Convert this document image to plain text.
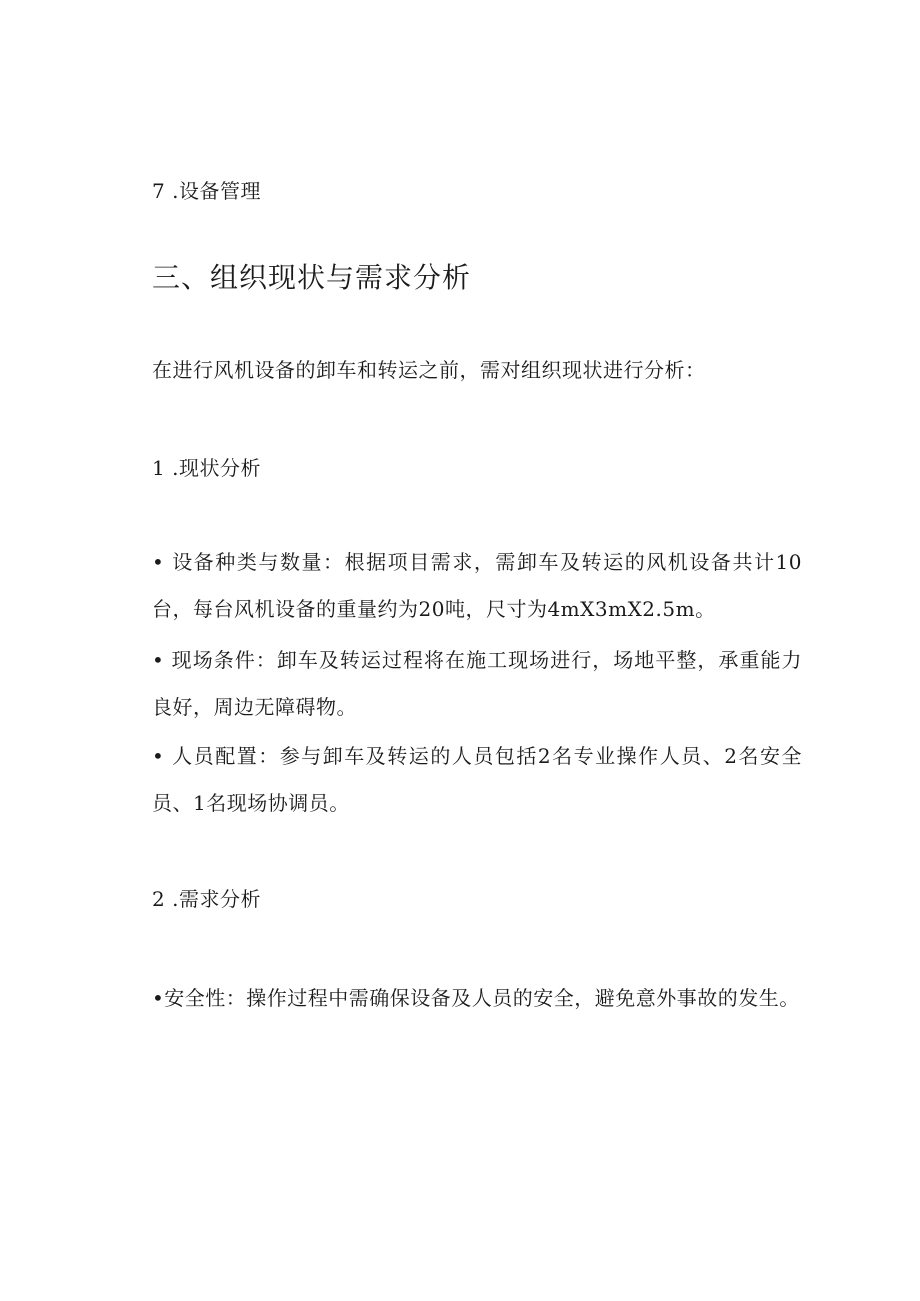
7 .设备管理

三、组织现状与需求分析

在进行风机设备的卸车和转运之前，需对组织现状进行分析：

1 .现状分析

• 设备种类与数量：根据项目需求，需卸车及转运的风机设备共计10台，每台风机设备的重量约为20吨，尺寸为4mX3mX2.5m。

• 现场条件：卸车及转运过程将在施工现场进行，场地平整，承重能力良好，周边无障碍物。

• 人员配置：参与卸车及转运的人员包括2名专业操作人员、2名安全员、1名现场协调员。

2 .需求分析

•安全性：操作过程中需确保设备及人员的安全，避免意外事故的发生。
